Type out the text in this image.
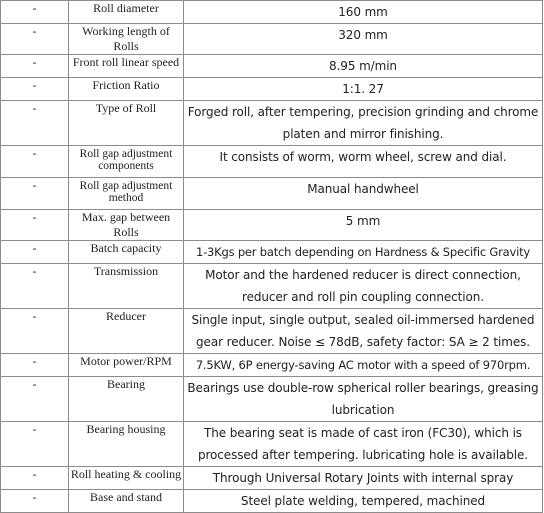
-	Roll diameter	160 mm
-	Working length of Rolls	320 mm
-	Front roll linear speed	8.95 m/min
-	Friction Ratio	1:1. 27
-	Type of Roll	Forged roll, after tempering, precision grinding and chrome platen and mirror finishing.
-	Roll gap adjustment components	It consists of worm, worm wheel, screw and dial.
-	Roll gap adjustment method	Manual handwheel
-	Max. gap between Rolls	5 mm
-	Batch capacity	1-3Kgs per batch depending on Hardness & Specific Gravity
-	Transmission	Motor and the hardened reducer is direct connection, reducer and roll pin coupling connection.
-	Reducer	Single input, single output, sealed oil-immersed hardened gear reducer. Noise ≤ 78dB, safety factor: SA ≥ 2 times.
-	Motor power/RPM	7.5KW, 6P energy-saving AC motor with a speed of 970rpm.
-	Bearing	Bearings use double-row spherical roller bearings, greasing lubrication
-	Bearing housing	The bearing seat is made of cast iron (FC30), which is processed after tempering. lubricating hole is available.
-	Roll heating & cooling	Through Universal Rotary Joints with internal spray
-	Base and stand	Steel plate welding, tempered, machined
